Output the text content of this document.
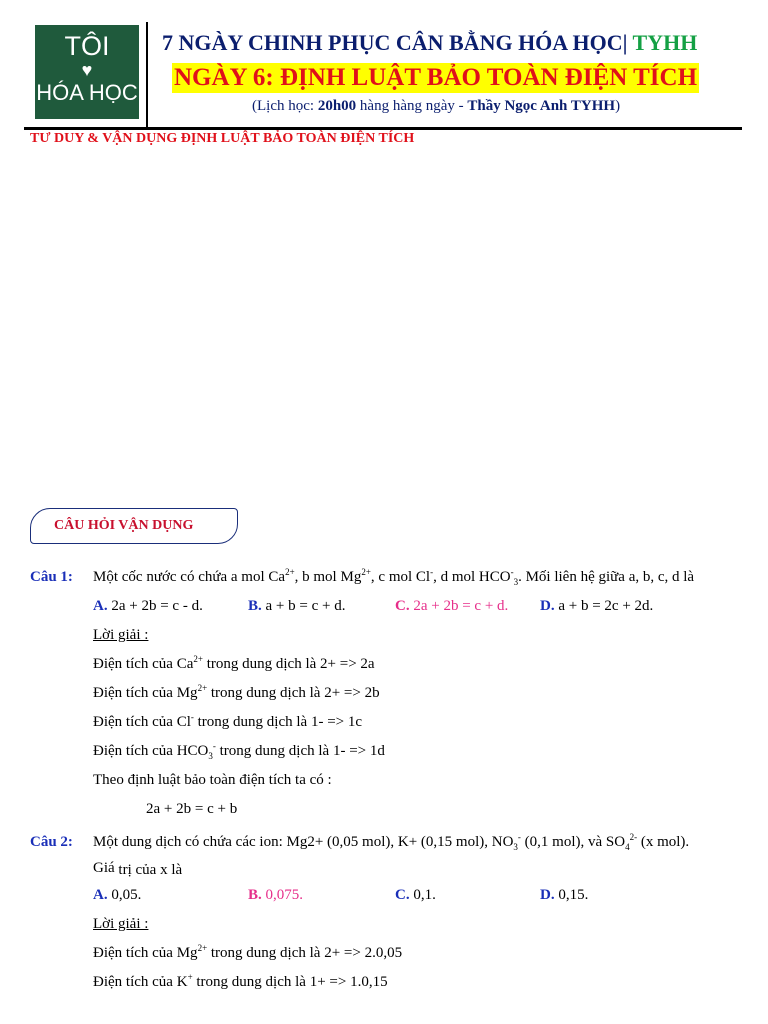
TÔI
♥
HÓA HỌC
7 NGÀY CHINH PHỤC CÂN BẰNG HÓA HỌC| TYHH
NGÀY 6: ĐỊNH LUẬT BẢO TOÀN ĐIỆN TÍCH
(Lịch học: 20h00 hàng hàng ngày - Thầy Ngọc Anh TYHH)
TƯ DUY & VẬN DỤNG ĐỊNH LUẬT BẢO TOÀN ĐIỆN TÍCH
CÂU HỎI VẬN DỤNG
Câu 1: Một cốc nước có chứa a mol $Ca^{2+}$, b mol $Mg^{2+}$, c mol Cl-, d mol $HCO^-_3$. Mối liên hệ giữa a, b, c, d là
A. 2a + 2b = c - d.	B. a + b = c + d.	C. 2a + 2b = c + d. D. a + b = 2c + 2d.
Lời giải :
Điện tích của $Ca^{2+}$ trong dung dịch là 2+ => 2a
Điện tích của $Mg^{2+}$ trong dung dịch là 2+ => 2b
Điện tích của Cl- trong dung dịch là 1- => 1c
Điện tích của $HCO_3^-$ trong dung dịch là 1- => 1d
Theo định luật bảo toàn điện tích ta có :
2a + 2b = c + b
Câu 2: Một dung dịch có chứa các ion: Mg2+ (0,05 mol), K+ (0,15 mol), $NO_3^-$ (0,1 mol), và $SO_4^{2-}$ (x mol).
Giá trị của x là
A. 0,05.	B. 0,075.	C. 0,1.	D. 0,15.
Lời giải :
Điện tích của $Mg^{2+}$ trong dung dịch là 2+ => 2.0,05
Điện tích của K+ trong dung dịch là 1+ => 1.0,15
